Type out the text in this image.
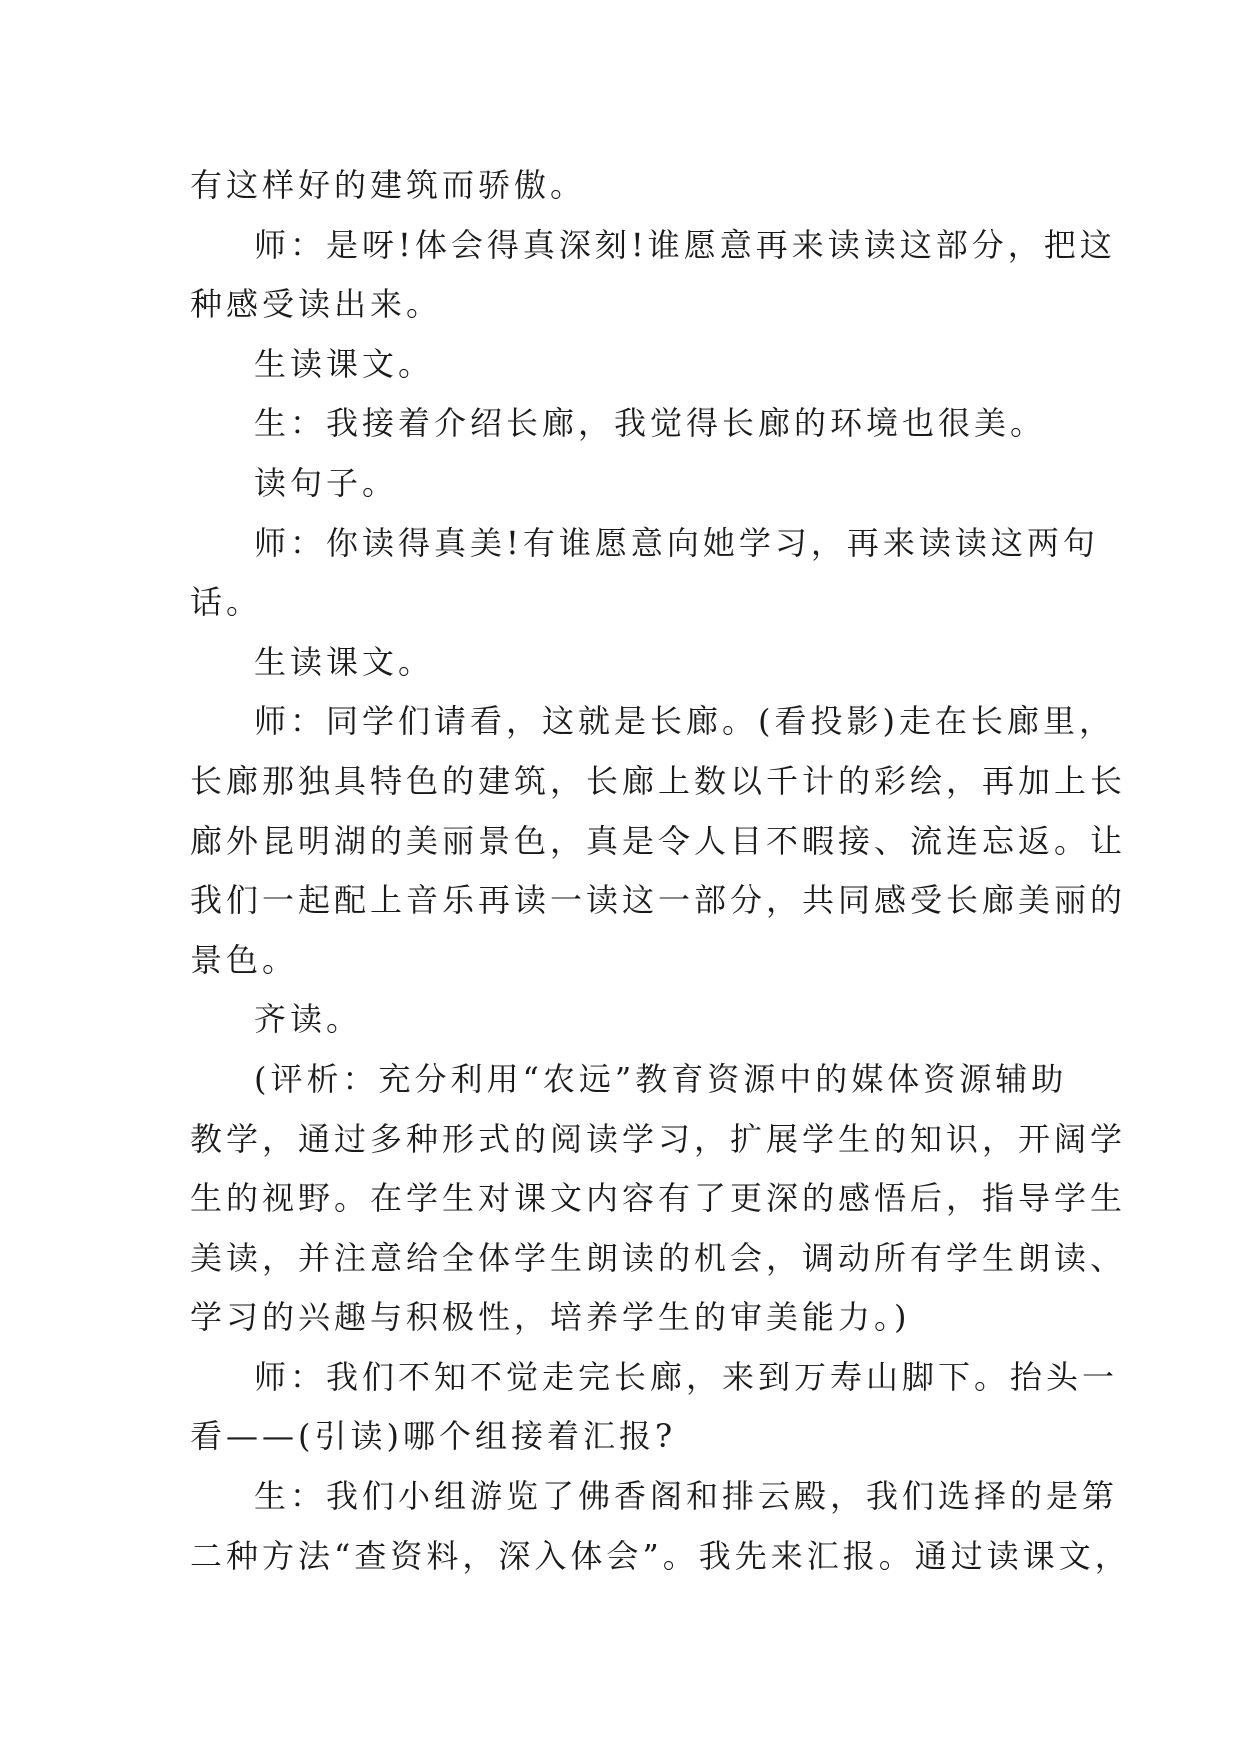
有这样好的建筑而骄傲。

师：是呀!体会得真深刻!谁愿意再来读读这部分，把这

种感受读出来。

生读课文。

生：我接着介绍长廊，我觉得长廊的环境也很美。

读句子。

师：你读得真美!有谁愿意向她学习，再来读读这两句

话。

生读课文。

师：同学们请看，这就是长廊。(看投影)走在长廊里，

长廊那独具特色的建筑，长廊上数以千计的彩绘，再加上长

廊外昆明湖的美丽景色，真是令人目不暇接、流连忘返。让

我们一起配上音乐再读一读这一部分，共同感受长廊美丽的

景色。

齐读。

(评析：充分利用“农远”教育资源中的媒体资源辅助

教学，通过多种形式的阅读学习，扩展学生的知识，开阔学

生的视野。在学生对课文内容有了更深的感悟后，指导学生

美读，并注意给全体学生朗读的机会，调动所有学生朗读、

学习的兴趣与积极性，培养学生的审美能力。)

师：我们不知不觉走完长廊，来到万寿山脚下。抬头一

看——(引读)哪个组接着汇报?

生：我们小组游览了佛香阁和排云殿，我们选择的是第

二种方法“查资料，深入体会”。我先来汇报。通过读课文，
